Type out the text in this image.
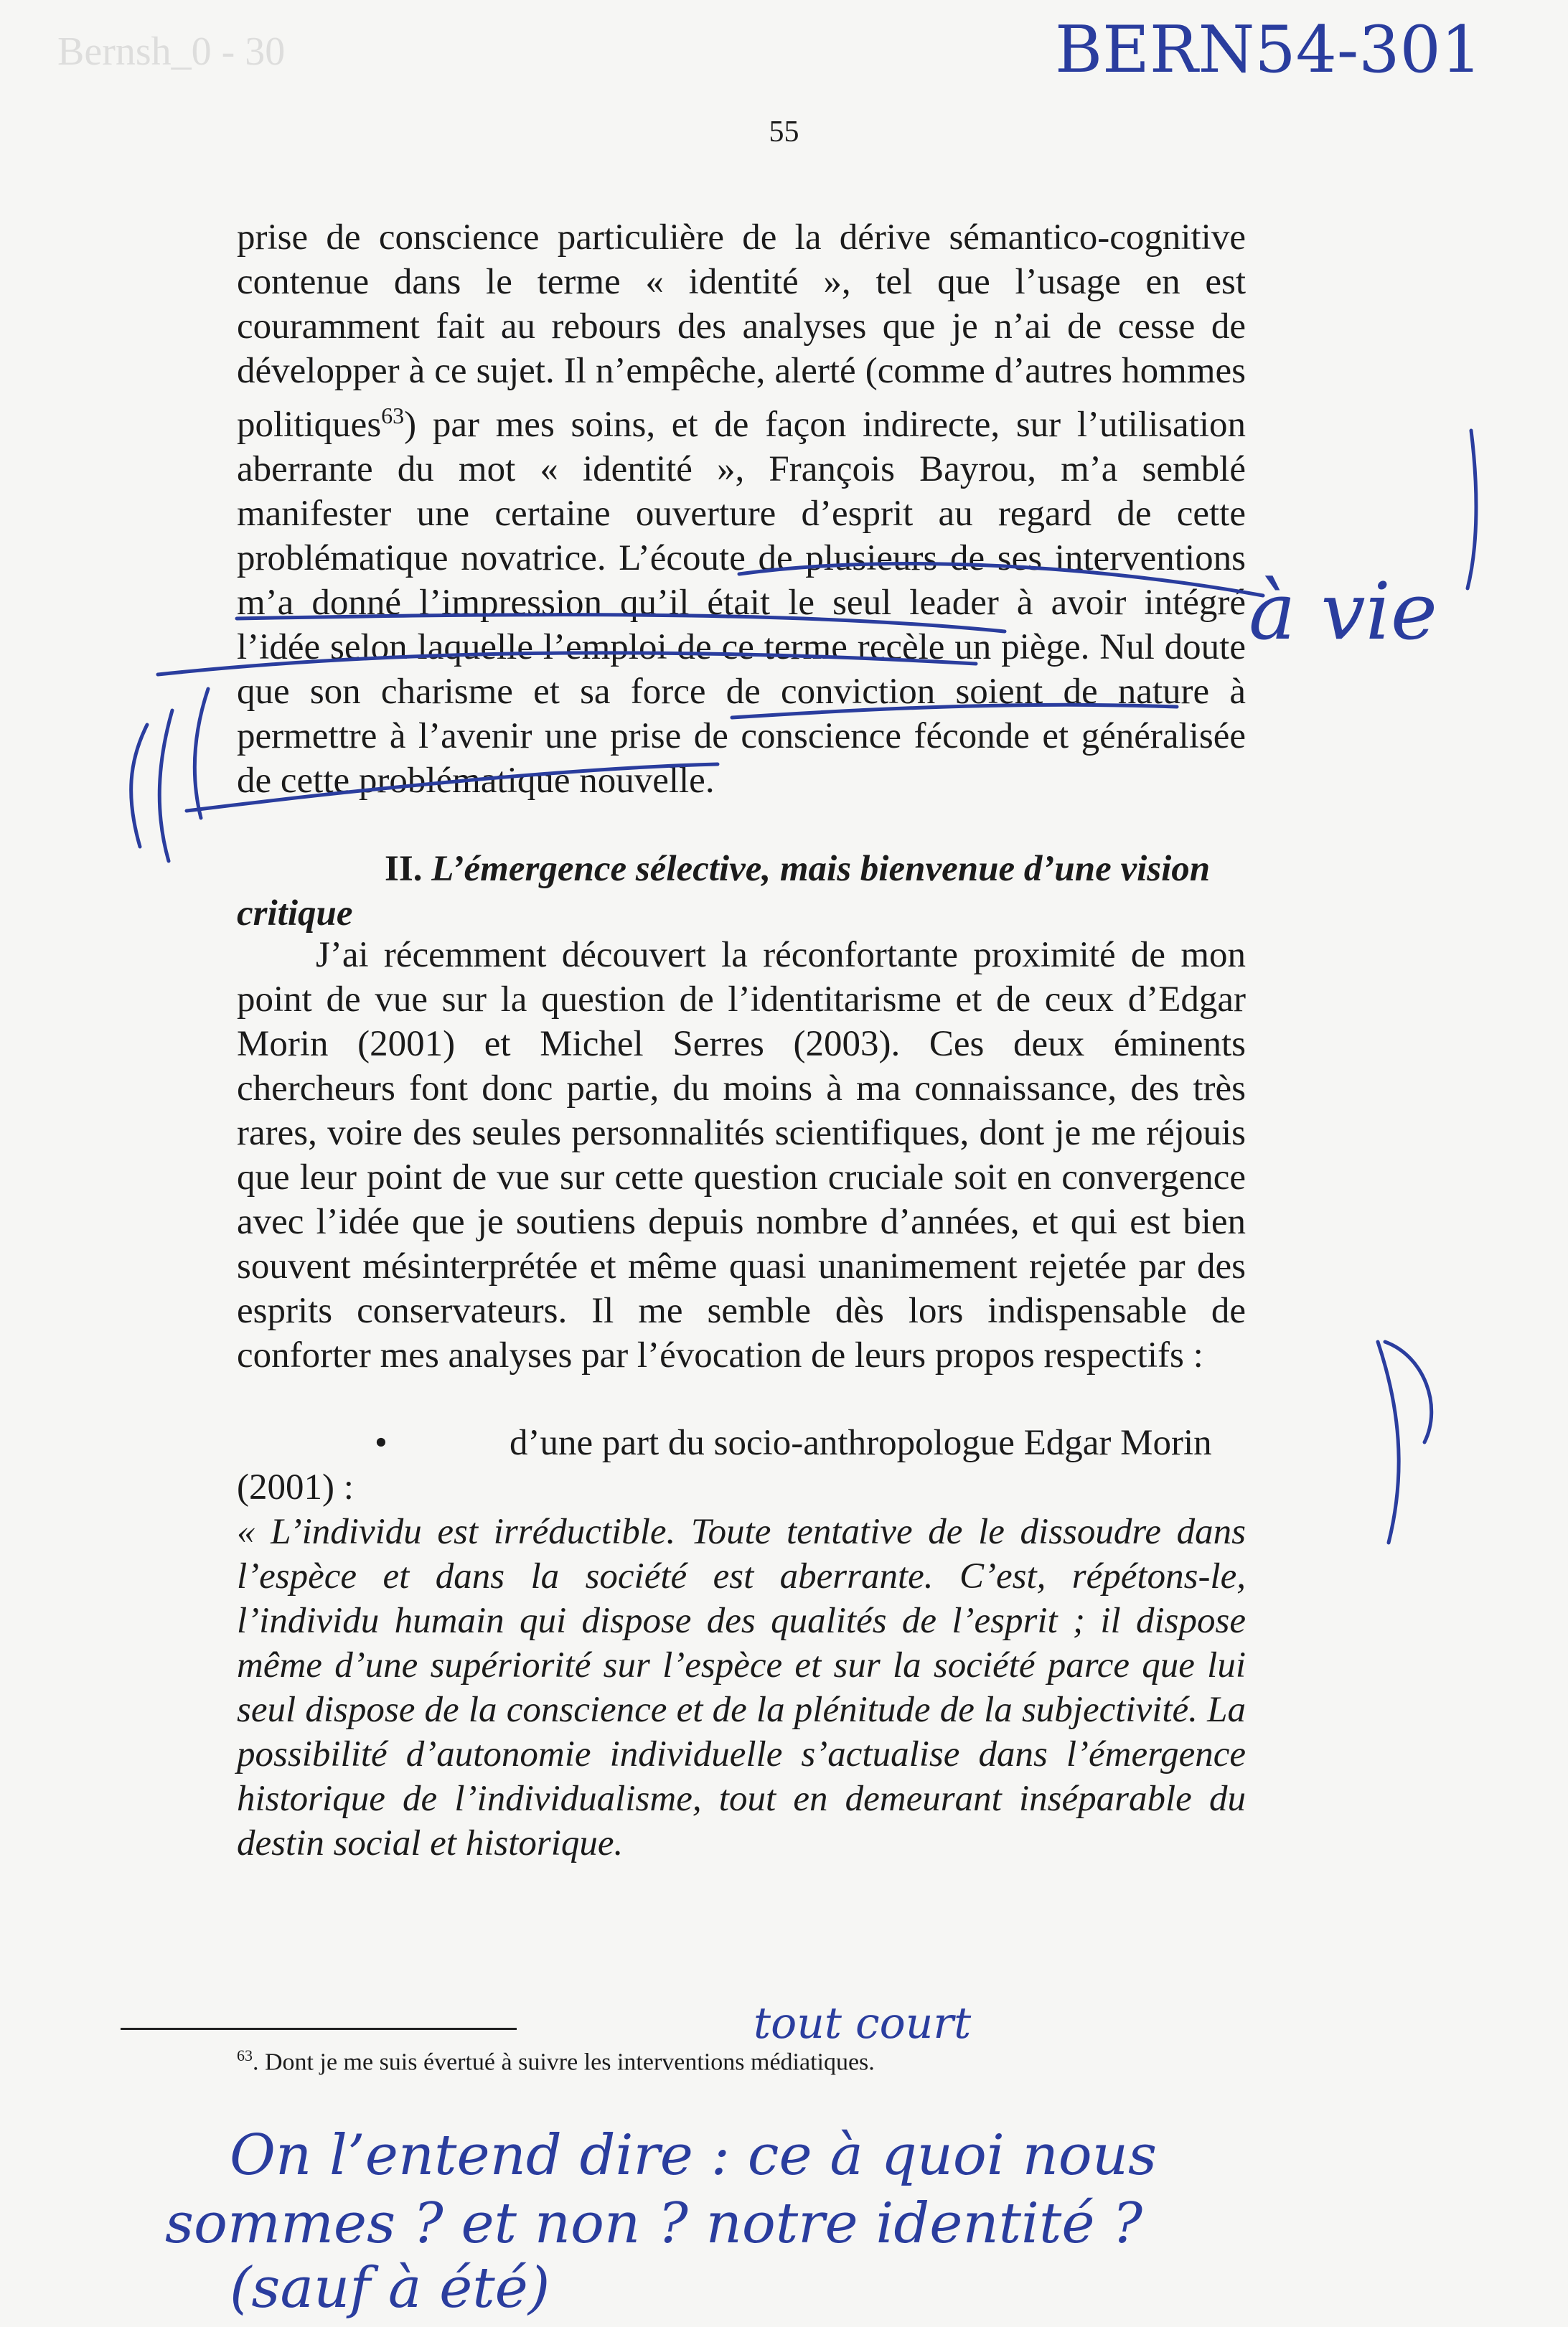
Bernsh_0 - 30
55

prise de conscience particulière de la dérive sémantico-cognitive contenue dans le terme « identité », tel que l’usage en est couramment fait au rebours des analyses que je n’ai de cesse de développer à ce sujet. Il n’empêche, alerté (comme d’autres hommes politiques$^{63}$) par mes soins, et de façon indirecte, sur l’utilisation aberrante du mot « identité », François Bayrou, m’a semblé manifester une certaine ouverture d’esprit au regard de cette problématique novatrice. L’écoute de plusieurs de ses interventions m’a donné l’impression qu’il était le seul leader à avoir intégré l’idée selon laquelle l’emploi de ce terme recèle un piège. Nul doute que son charisme et sa force de conviction soient de nature à permettre à l’avenir une prise de conscience féconde et généralisée de cette problématique nouvelle.

II. L’émergence sélective, mais bienvenue d’une vision critique
J’ai récemment découvert la réconfortante proximité de mon point de vue sur la question de l’identitarisme et de ceux d’Edgar Morin (2001) et Michel Serres (2003). Ces deux éminents chercheurs font donc partie, du moins à ma connaissance, des très rares, voire des seules personnalités scientifiques, dont je me réjouis que leur point de vue sur cette question cruciale soit en convergence avec l’idée que je soutiens depuis nombre d’années, et qui est bien souvent mésinterprétée et même quasi unanimement rejetée par des esprits conservateurs. Il me semble dès lors indispensable de conforter mes analyses par l’évocation de leurs propos respectifs :
•	d’une part du socio-anthropologue Edgar Morin
(2001) :
« L’individu est irréductible. Toute tentative de le dissoudre dans l’espèce et dans la société est aberrante. C’est, répétons-le, l’individu humain qui dispose des qualités de l’esprit ; il dispose même d’une supériorité sur l’espèce et sur la société parce que lui seul dispose de la conscience et de la plénitude de la subjectivité. La possibilité d’autonomie individuelle s’actualise dans l’émergence historique de l’individualisme, tout en demeurant inséparable du destin social et historique.
$^{63}$. Dont je me suis évertué à suivre les interventions médiatiques.
à vie
BERN54-301
tout court
On l’entend dire : ce à quoi nous
sommes ? et non ? notre identité ?
(sauf à été)
